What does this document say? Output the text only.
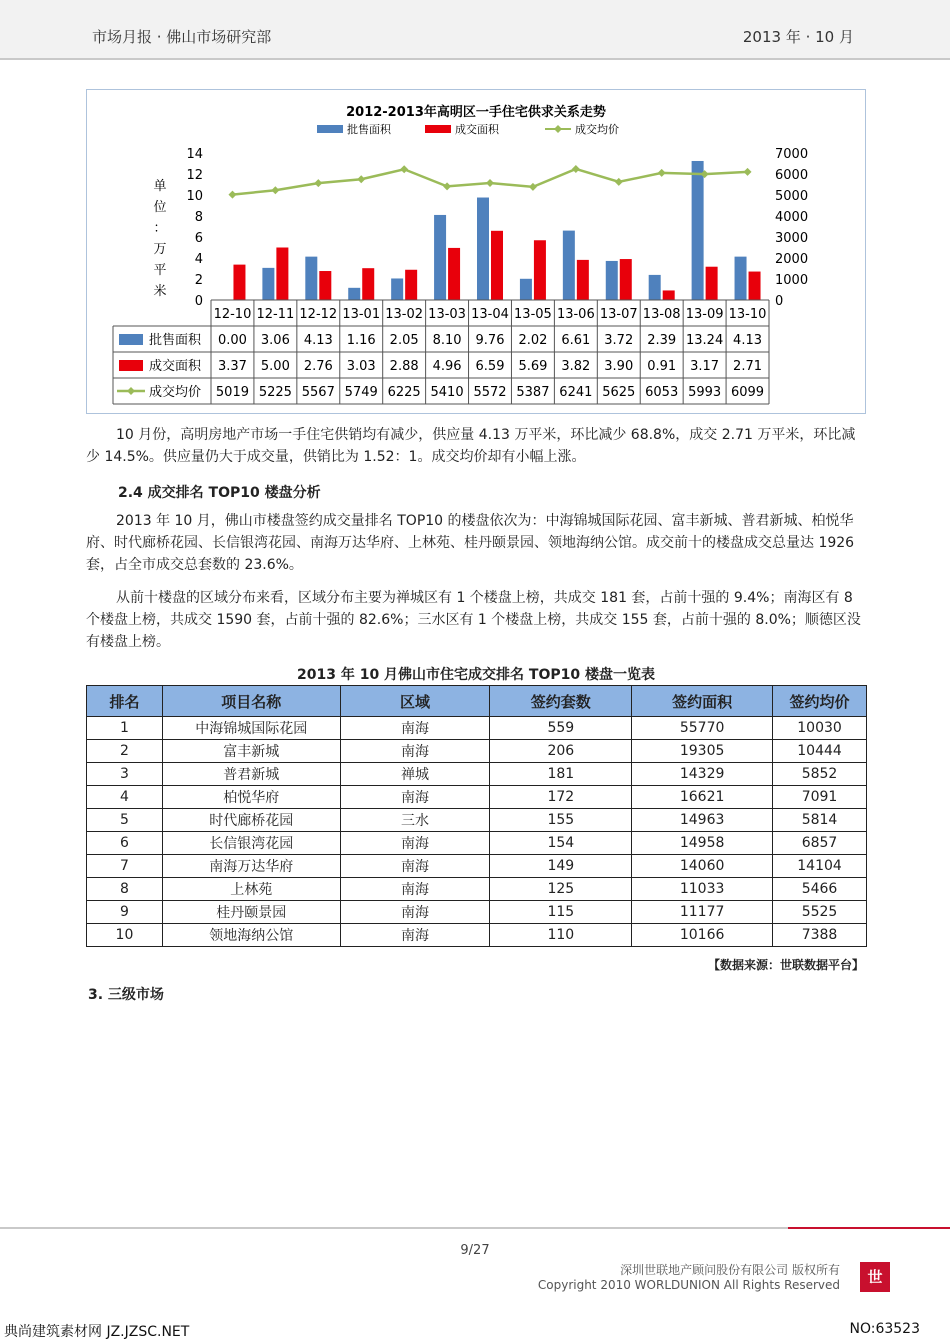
市场月报 · 佛山市场研究部	2013 年 · 10 月
2012-2013年高明区一手住宅供求关系走势
批售面积	成交面积	成交均价
单
位
：
万
平
米
0
2
4
6
8
10
12
14
0
1000
2000
3000
4000
5000
6000
7000
12-10 12-11 12-12 13-01 13-02 13-03 13-04 13-05 13-06 13-07 13-08 13-09 13-10
批售面积 0.00 3.06 4.13 1.16 2.05 8.10 9.76 2.02 6.61 3.72 2.39 13.24 4.13
成交面积 3.37 5.00 2.76 3.03 2.88 4.96 6.59 5.69 3.82 3.90 0.91 3.17 2.71
成交均价 5019 5225 5567 5749 6225 5410 5572 5387 6241 5625 6053 5993 6099

10 月份，高明房地产市场一手住宅供销均有减少，供应量 4.13 万平米，环比减少 68.8%，成交 2.71 万平米，环比减少 14.5%。供应量仍大于成交量，供销比为 1.52：1。成交均价却有小幅上涨。

2.4 成交排名 TOP10 楼盘分析

2013 年 10 月，佛山市楼盘签约成交量排名 TOP10 的楼盘依次为：中海锦城国际花园、富丰新城、普君新城、柏悦华府、时代廊桥花园、长信银湾花园、南海万达华府、上林苑、桂丹颐景园、领地海纳公馆。成交前十的楼盘成交总量达 1926 套，占全市成交总套数的 23.6%。

从前十楼盘的区域分布来看，区域分布主要为禅城区有 1 个楼盘上榜，共成交 181 套，占前十强的 9.4%；南海区有 8 个楼盘上榜，共成交 1590 套，占前十强的 82.6%；三水区有 1 个楼盘上榜，共成交 155 套，占前十强的 8.0%；顺德区没有楼盘上榜。

2013 年 10 月佛山市住宅成交排名 TOP10 楼盘一览表
排名	项目名称	区域	签约套数	签约面积	签约均价
1	中海锦城国际花园	南海	559	55770	10030
2	富丰新城	南海	206	19305	10444
3	普君新城	禅城	181	14329	5852
4	柏悦华府	南海	172	16621	7091
5	时代廊桥花园	三水	155	14963	5814
6	长信银湾花园	南海	154	14958	6857
7	南海万达华府	南海	149	14060	14104
8	上林苑	南海	125	11033	5466
9	桂丹颐景园	南海	115	11177	5525
10	领地海纳公馆	南海	110	10166	7388
【数据来源：世联数据平台】

3. 三级市场

9/27
深圳世联地产顾问股份有限公司 版权所有
Copyright 2010 WORLDUNION All Rights Reserved	世
典尚建筑素材网 JZ.JZSC.NET	NO:63523
